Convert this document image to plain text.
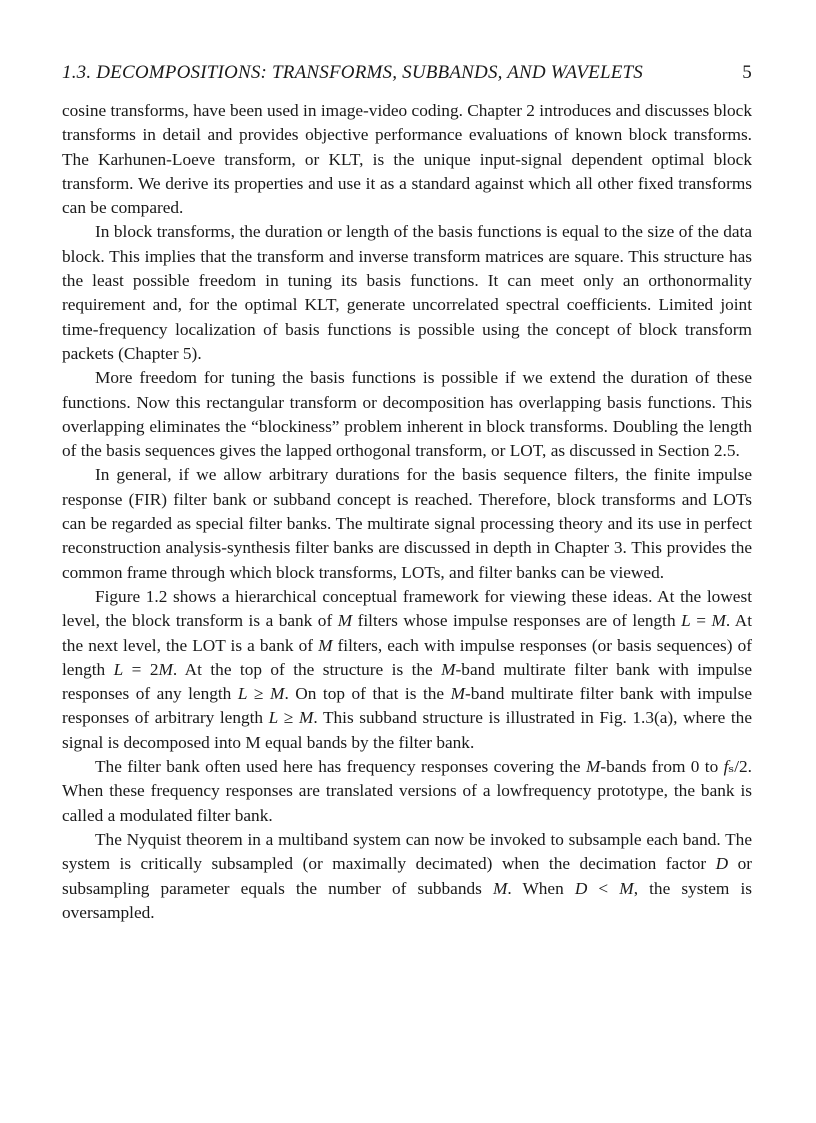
1.3. DECOMPOSITIONS: TRANSFORMS, SUBBANDS, AND WAVELETS	5

cosine transforms, have been used in image-video coding. Chapter 2 introduces and discusses block transforms in detail and provides objective performance evaluations of known block transforms. The Karhunen-Loeve transform, or KLT, is the unique input-signal dependent optimal block transform. We derive its properties and use it as a standard against which all other fixed transforms can be compared.

In block transforms, the duration or length of the basis functions is equal to the size of the data block. This implies that the transform and inverse transform matrices are square. This structure has the least possible freedom in tuning its basis functions. It can meet only an orthonormality requirement and, for the optimal KLT, generate uncorrelated spectral coefficients. Limited joint time-frequency localization of basis functions is possible using the concept of block transform packets (Chapter 5).

More freedom for tuning the basis functions is possible if we extend the duration of these functions. Now this rectangular transform or decomposition has overlapping basis functions. This overlapping eliminates the “blockiness” problem inherent in block transforms. Doubling the length of the basis sequences gives the lapped orthogonal transform, or LOT, as discussed in Section 2.5.

In general, if we allow arbitrary durations for the basis sequence filters, the finite impulse response (FIR) filter bank or subband concept is reached. Therefore, block transforms and LOTs can be regarded as special filter banks. The multirate signal processing theory and its use in perfect reconstruction analysis-synthesis filter banks are discussed in depth in Chapter 3. This provides the common frame through which block transforms, LOTs, and filter banks can be viewed.

Figure 1.2 shows a hierarchical conceptual framework for viewing these ideas. At the lowest level, the block transform is a bank of M filters whose impulse responses are of length L = M. At the next level, the LOT is a bank of M filters, each with impulse responses (or basis sequences) of length L = 2M. At the top of the structure is the M-band multirate filter bank with impulse responses of any length L ≥ M. On top of that is the M-band multirate filter bank with impulse responses of arbitrary length L ≥ M. This subband structure is illustrated in Fig. 1.3(a), where the signal is decomposed into M equal bands by the filter bank.

The filter bank often used here has frequency responses covering the M-bands from 0 to fₛ/2. When these frequency responses are translated versions of a lowfrequency prototype, the bank is called a modulated filter bank.

The Nyquist theorem in a multiband system can now be invoked to subsample each band. The system is critically subsampled (or maximally decimated) when the decimation factor D or subsampling parameter equals the number of subbands M. When D < M, the system is oversampled.
